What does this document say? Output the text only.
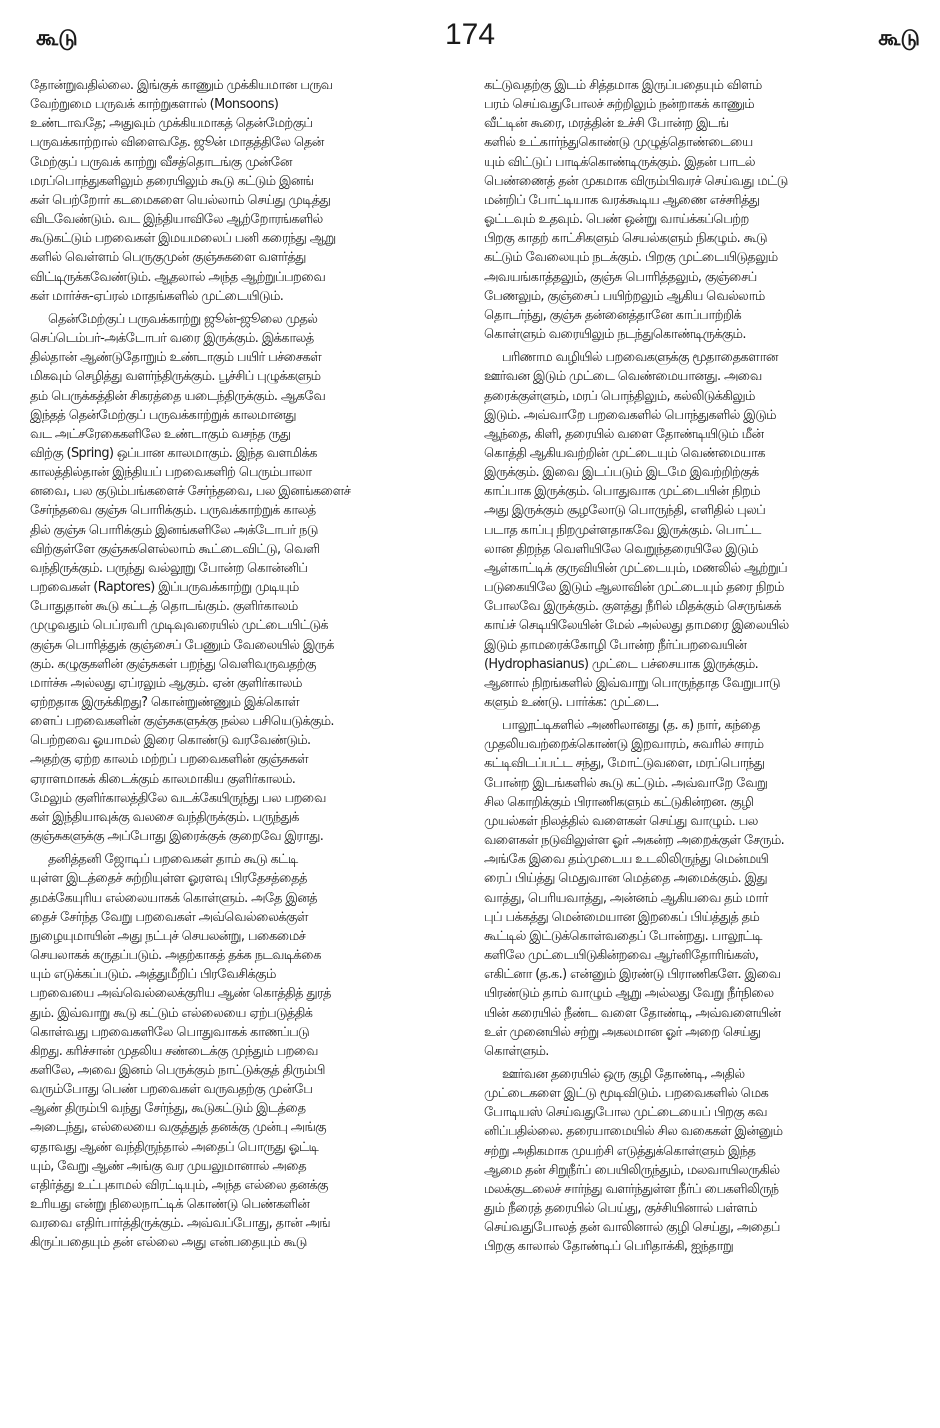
கூடு	174	கூடு
தோன்றுவதில்லை. இங்குக் காணும் முக்கியமான பருவ
வேற்றுமை பருவக் காற்றுகளால் (Monsoons)
உண்டாவதே; அதுவும் முக்கியமாகத் தென்மேற்குப்
பருவக்காற்றால் விளைவதே. ஜூன் மாதத்திலே தென்
மேற்குப் பருவக் காற்று வீசத்தொடங்கு முன்னே
மரப்பொந்துகளிலும் தரையிலும் கூடு கட்டும் இனங்
கள் பெற்றோர் கடமைகளை யெல்லாம் செய்து முடித்து
விடவேண்டும். வட இந்தியாவிலே ஆற்றோரங்களில்
கூடுகட்டும் பறவைகள் இமயமலைப் பனி கரைந்து ஆறு
களில் வெள்ளம் பெருகுமுன் குஞ்சுகளை வளர்த்து
விட்டிருக்கவேண்டும். ஆதலால் அந்த ஆற்றுப்பறவை
கள் மார்ச்சு-ஏப்ரல் மாதங்களில் முட்டையிடும்.
தென்மேற்குப் பருவக்காற்று ஜூன்-ஜூலை முதல்
செப்டெம்பர்-அக்டோபர் வரை இருக்கும். இக்காலத்
தில்தான் ஆண்டுதோறும் உண்டாகும் பயிர் பச்சைகள்
மிகவும் செழித்து வளர்ந்திருக்கும். பூச்சிப் புழுக்களும்
தம் பெருக்கத்தின் சிகரத்தை யடைந்திருக்கும். ஆகவே
இந்தத் தென்மேற்குப் பருவக்காற்றுக் காலமானது
வட அட்சரேகைகளிலே உண்டாகும் வசந்த ருது
விற்கு (Spring) ஒப்பான காலமாகும். இந்த வளமிக்க
காலத்தில்தான் இந்தியப் பறவைகளிற் பெரும்பாலா
னவை, பல குடும்பங்களைச் சேர்ந்தவை, பல இனங்களைச்
சேர்ந்தவை குஞ்சு பொரிக்கும். பருவக்காற்றுக் காலத்
தில் குஞ்சு பொரிக்கும் இனங்களிலே அக்டோபர் நடு
விற்குள்ளே குஞ்சுகளெல்லாம் கூட்டைவிட்டு, வெளி
வந்திருக்கும். பருந்து வல்லூறு போன்ற கொன்னிப்
பறவைகள் (Raptores) இப்பருவக்காற்று முடியும்
போதுதான் கூடு கட்டத் தொடங்கும். குளிர்காலம்
முழுவதும் பெப்ரவரி முடிவுவரையில் முட்டையிட்டுக்
குஞ்சு பொரித்துக் குஞ்சைப் பேணும் வேலையில் இருக்
கும். கழுகுகளின் குஞ்சுகள் பறந்து வெளிவருவதற்கு
மார்ச்சு அல்லது ஏப்ரலும் ஆகும். ஏன் குளிர்காலம்
ஏற்றதாக இருக்கிறது? கொன்றுண்ணும் இக்கொள்
ளைப் பறவைகளின் குஞ்சுகளுக்கு நல்ல பசியெடுக்கும்.
பெற்றவை ஓயாமல் இரை கொண்டு வரவேண்டும்.
அதற்கு ஏற்ற காலம் மற்றப் பறவைகளின் குஞ்சுகள்
ஏராளமாகக் கிடைக்கும் காலமாகிய குளிர்காலம்.
மேலும் குளிர்காலத்திலே வடக்கேயிருந்து பல பறவை
கள் இந்தியாவுக்கு வலசை வந்திருக்கும். பருந்துக்
குஞ்சுகளுக்கு அப்போது இரைக்குக் குறைவே இராது.
தனித்தனி ஜோடிப் பறவைகள் தாம் கூடு கட்டி
யுள்ள இடத்தைச் சுற்றியுள்ள ஓரளவு பிரதேசத்தைத்
தமக்கேயுரிய எல்லையாகக் கொள்ளும். அதே இனத்
தைச் சேர்ந்த வேறு பறவைகள் அவ்வெல்லைக்குள்
நுழையுமாயின் அது நட்புச் செயலன்று, பகைமைச்
செயலாகக் கருதப்படும். அதற்காகத் தக்க நடவடிக்கை
யும் எடுக்கப்படும். அத்துமீறிப் பிரவேசிக்கும்
பறவையை அவ்வெல்லைக்குரிய ஆண் கொத்தித் துரத்
தும். இவ்வாறு கூடு கட்டும் எல்லையை ஏற்படுத்திக்
கொள்வது பறவைகளிலே பொதுவாகக் காணப்படு
கிறது. கரிச்சான் முதலிய சண்டைக்கு முந்தும் பறவை
களிலே, அவை இனம் பெருக்கும் நாட்டுக்குத் திரும்பி
வரும்போது பெண் பறவைகள் வருவதற்கு முன்பே
ஆண் திரும்பி வந்து சேர்ந்து, கூடுகட்டும் இடத்தை
அடைந்து, எல்லையை வகுத்துத் தனக்கு முன்பு அங்கு
ஏதாவது ஆண் வந்திருந்தால் அதைப் பொருது ஓட்டி
யும், வேறு ஆண் அங்கு வர முயலுமானால் அதை
எதிர்த்து உட்புகாமல் விரட்டியும், அந்த எல்லை தனக்கு
உரியது என்று நிலைநாட்டிக் கொண்டு பெண்களின்
வரவை எதிர்பார்த்திருக்கும். அவ்வப்போது, தான் அங்
கிருப்பதையும் தன் எல்லை அது என்பதையும் கூடு
கட்டுவதற்கு இடம் சித்தமாக இருப்பதையும் விளம்
பரம் செய்வதுபோலச் சுற்றிலும் நன்றாகக் காணும்
வீட்டின் கூரை, மரத்தின் உச்சி போன்ற இடங்
களில் உட்கார்ந்துகொண்டு முழுத்தொண்டையை
யும் விட்டுப் பாடிக்கொண்டிருக்கும். இதன் பாடல்
பெண்ணைத் தன் முகமாக விரும்பிவரச் செய்வது மட்டு
மன்றிப் போட்டியாக வரக்கூடிய ஆணை எச்சரித்து
ஓட்டவும் உதவும். பெண் ஒன்று வாய்க்கப்பெற்ற
பிறகு காதற் காட்சிகளும் செயல்களும் நிகழும். கூடு
கட்டும் வேலையும் நடக்கும். பிறகு முட்டையிடுதலும்
அவயங்காத்தலும், குஞ்சு பொரித்தலும், குஞ்சைப்
பேணலும், குஞ்சைப் பயிற்றலும் ஆகிய வெல்லாம்
தொடர்ந்து, குஞ்சு தன்னைத்தானே காப்பாற்றிக்
கொள்ளும் வரையிலும் நடந்துகொண்டிருக்கும்.
பரிணாம வழியில் பறவைகளுக்கு மூதாதைகளான
ஊர்வன இடும் முட்டை வெண்மையானது. அவை
தரைக்குள்ளும், மரப் பொந்திலும், கல்லிடுக்கிலும்
இடும். அவ்வாறே பறவைகளில் பொந்துகளில் இடும்
ஆந்தை, கிளி, தரையில் வளை தோண்டியிடும் மீன்
கொத்தி ஆகியவற்றின் முட்டையும் வெண்மையாக
இருக்கும். இவை இடப்படும் இடமே இவற்றிற்குக்
காப்பாக இருக்கும். பொதுவாக முட்டையின் நிறம்
அது இருக்கும் சூழலோடு பொருந்தி, எளிதில் புலப்
படாத காப்பு நிறமுள்ளதாகவே இருக்கும். பொட்ட
லான திறந்த வெளியிலே வெறுந்தரையிலே இடும்
ஆள்காட்டிக் குருவியின் முட்டையும், மணலில் ஆற்றுப்
படுகையிலே இடும் ஆலாவின் முட்டையும் தரை நிறம்
போலவே இருக்கும். குளத்து நீரில் மிதக்கும் செருங்கக்
காய்ச் செடியிலேயின் மேல் அல்லது தாமரை இலையில்
இடும் தாமரைக்கோழி போன்ற நீர்ப்பறவையின்
(Hydrophasianus) முட்டை பச்சையாக இருக்கும்.
ஆனால் நிறங்களில் இவ்வாறு பொருந்தாத வேறுபாடு
களும் உண்டு. பார்க்க: முட்டை.
பாலூட்டிகளில் அணிலானது (த. க) நார், கந்தை
முதலியவற்றைக்கொண்டு இறவாரம், சுவரில் சாரம்
கட்டிவிடப்பட்ட சந்து, மோட்டுவளை, மரப்பொந்து
போன்ற இடங்களில் கூடு கட்டும். அவ்வாறே வேறு
சில கொறிக்கும் பிராணிகளும் கட்டுகின்றன. குழி
முயல்கள் நிலத்தில் வளைகள் செய்து வாழும். பல
வளைகள் நடுவிலுள்ள ஓர் அகன்ற அறைக்குள் சேரும்.
அங்கே இவை தம்முடைய உடலிலிருந்து மென்மயி
ரைப் பிய்த்து மெதுவான மெத்தை அமைக்கும். இது
வாத்து, பெரியவாத்து, அன்னம் ஆகியவை தம் மார்
புப் பக்கத்து மென்மையான இறகைப் பிய்த்துத் தம்
கூட்டில் இட்டுக்கொள்வதைப் போன்றது. பாலூட்டி
களிலே முட்டையிடுகின்றவை ஆர்னிதோரிங்கஸ்,
எகிட்னா (த.க.) என்னும் இரண்டு பிராணிகளே. இவை
யிரண்டும் தாம் வாழும் ஆறு அல்லது வேறு நீர்நிலை
யின் கரையில் நீண்ட வளை தோண்டி, அவ்வளையின்
உள் முனையில் சற்று அகலமான ஓர் அறை செய்து
கொள்ளும்.
ஊர்வன தரையில் ஒரு குழி தோண்டி, அதில்
முட்டைகளை இட்டு மூடிவிடும். பறவைகளில் மெக
போடியஸ் செய்வதுபோல முட்டையைப் பிறகு கவ
னிப்பதில்லை. தரையாமையில் சில வகைகள் இன்னும்
சற்று அதிகமாக முயற்சி எடுத்துக்கொள்ளும் இந்த
ஆமை தன் சிறுநீர்ப் பையிலிருந்தும், மலவாயிலருகில்
மலக்குடலைச் சார்ந்து வளர்ந்துள்ள நீர்ப் பைகளிலிருந்
தும் நீரைத் தரையில் பெய்து, குச்சியினால் பள்ளம்
செய்வதுபோலத் தன் வாலினால் குழி செய்து, அதைப்
பிறகு காலால் தோண்டிப் பெரிதாக்கி, ஐந்தாறு
